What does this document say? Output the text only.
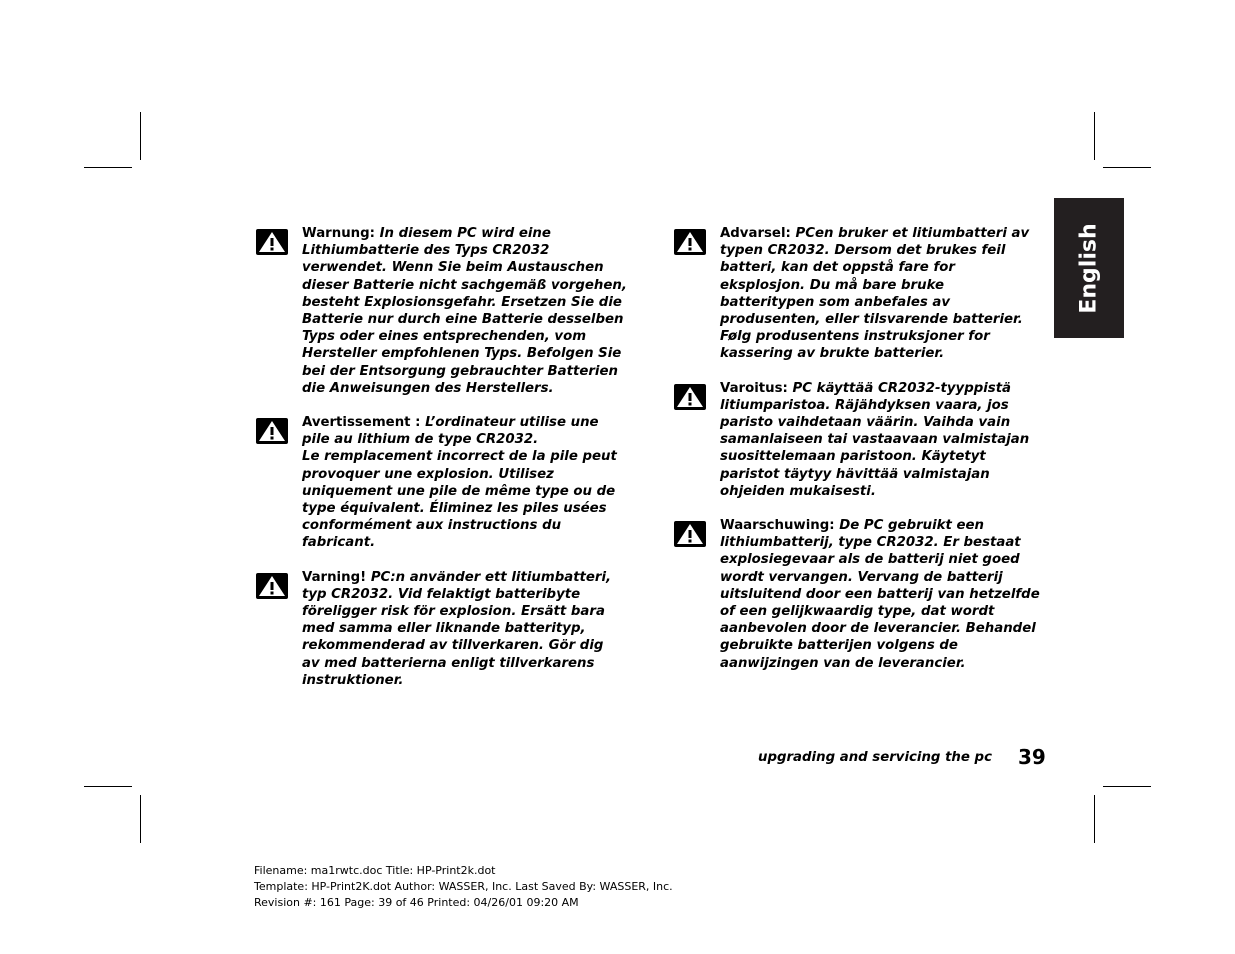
English
Warnung: In diesem PC wird eine
Lithiumbatterie des Typs CR2032
verwendet. Wenn Sie beim Austauschen
dieser Batterie nicht sachgemäß vorgehen,
besteht Explosionsgefahr. Ersetzen Sie die
Batterie nur durch eine Batterie desselben
Typs oder eines entsprechenden, vom
Hersteller empfohlenen Typs. Befolgen Sie
bei der Entsorgung gebrauchter Batterien
die Anweisungen des Herstellers.
Avertissement : L’ordinateur utilise une
pile au lithium de type CR2032.
Le remplacement incorrect de la pile peut
provoquer une explosion. Utilisez
uniquement une pile de même type ou de
type équivalent. Éliminez les piles usées
conformément aux instructions du
fabricant.
Varning! PC:n använder ett litiumbatteri,
typ CR2032. Vid felaktigt batteribyte
föreligger risk för explosion. Ersätt bara
med samma eller liknande batterityp,
rekommenderad av tillverkaren. Gör dig
av med batterierna enligt tillverkarens
instruktioner.
Advarsel: PCen bruker et litiumbatteri av
typen CR2032. Dersom det brukes feil
batteri, kan det oppstå fare for
eksplosjon. Du må bare bruke
batteritypen som anbefales av
produsenten, eller tilsvarende batterier.
Følg produsentens instruksjoner for
kassering av brukte batterier.
Varoitus: PC käyttää CR2032-tyyppistä
litiumparistoa. Räjähdyksen vaara, jos
paristo vaihdetaan väärin. Vaihda vain
samanlaiseen tai vastaavaan valmistajan
suosittelemaan paristoon. Käytetyt
paristot täytyy hävittää valmistajan
ohjeiden mukaisesti.
Waarschuwing: De PC gebruikt een
lithiumbatterij, type CR2032. Er bestaat
explosiegevaar als de batterij niet goed
wordt vervangen. Vervang de batterij
uitsluitend door een batterij van hetzelfde
of een gelijkwaardig type, dat wordt
aanbevolen door de leverancier. Behandel
gebruikte batterijen volgens de
aanwijzingen van de leverancier.
upgrading and servicing the pc 39
Filename: ma1rwtc.doc Title: HP-Print2k.dot
Template: HP-Print2K.dot Author: WASSER, Inc. Last Saved By: WASSER, Inc.
Revision #: 161 Page: 39 of 46 Printed: 04/26/01 09:20 AM
